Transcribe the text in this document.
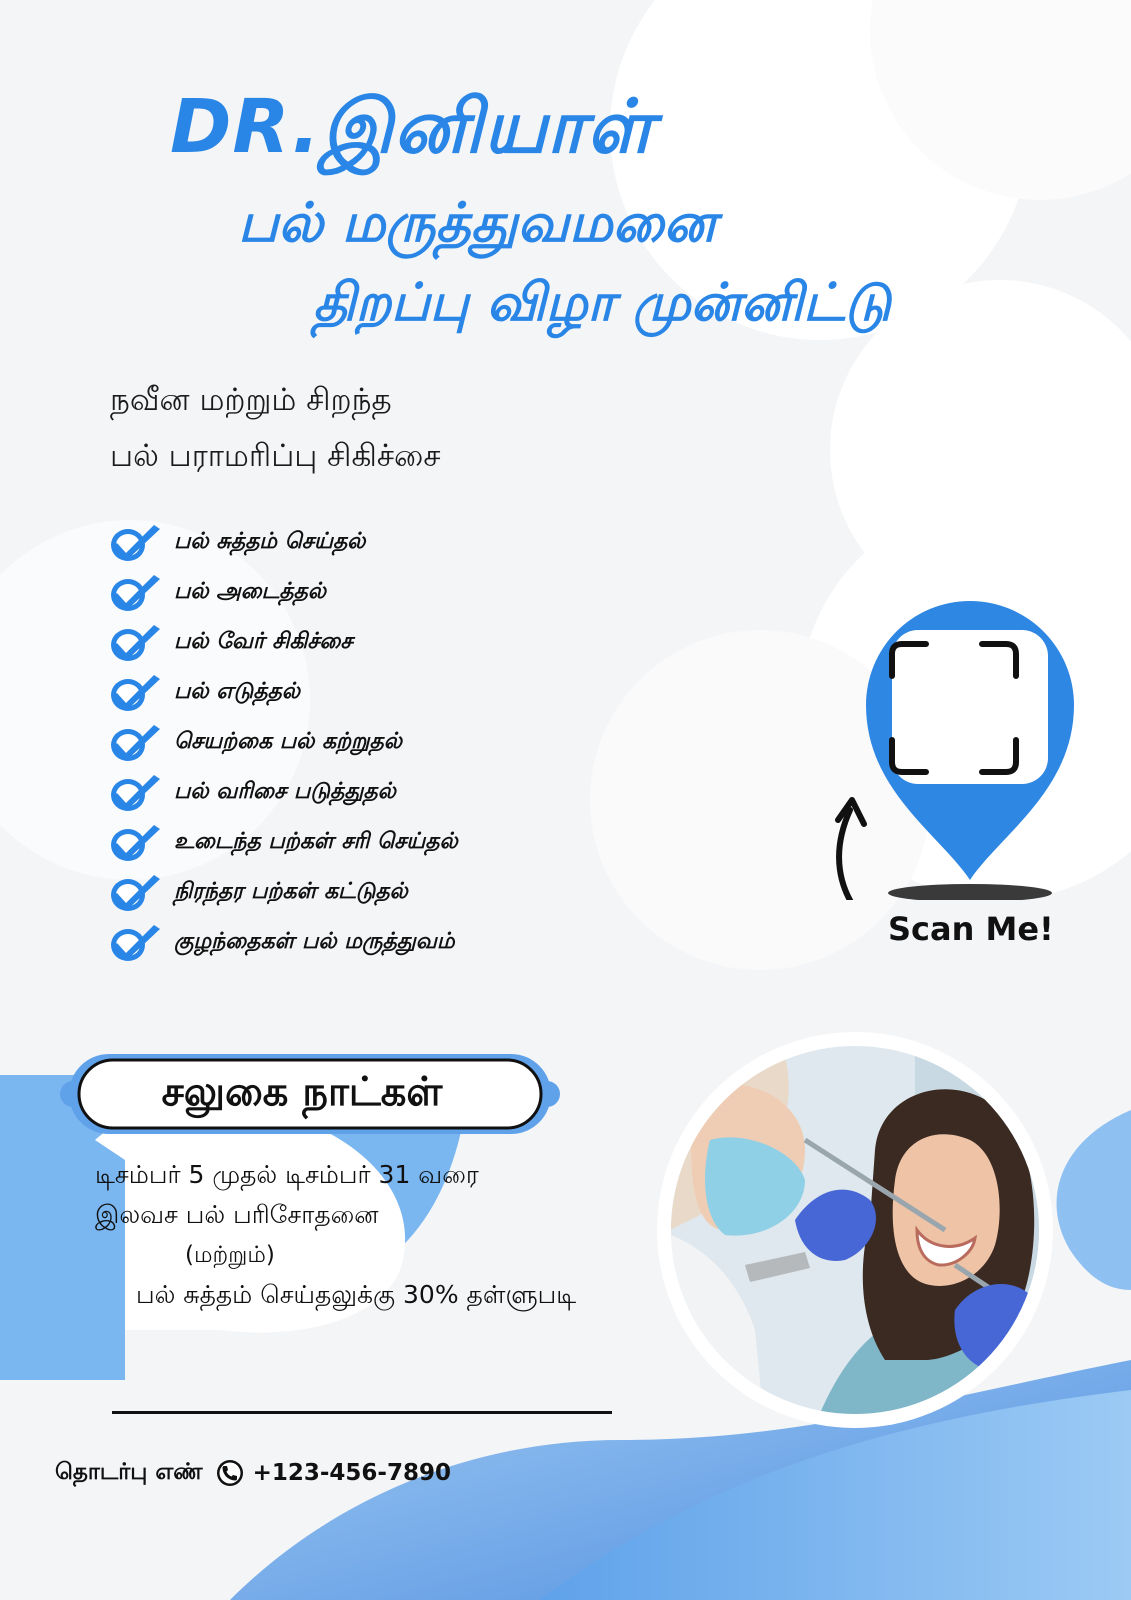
DR.இனியாள்
பல் மருத்துவமனை
திறப்பு விழா முன்னிட்டு
நவீன மற்றும் சிறந்த
பல் பராமரிப்பு சிகிச்சை
பல் சுத்தம் செய்தல்
பல் அடைத்தல்
பல் வேர் சிகிச்சை
பல் எடுத்தல்
செயற்கை பல் கற்றுதல்
பல் வரிசை படுத்துதல்
உடைந்த பற்கள் சரி செய்தல்
நிரந்தர பற்கள் கட்டுதல்
குழந்தைகள் பல் மருத்துவம்	Scan Me!
சலுகை நாட்கள்
டிசம்பர் 5 முதல் டிசம்பர் 31 வரை
இலவச பல் பரிசோதனை
(மற்றும்)
பல் சுத்தம் செய்தலுக்கு 30% தள்ளுபடி
தொடர்பு எண் +123-456-7890
